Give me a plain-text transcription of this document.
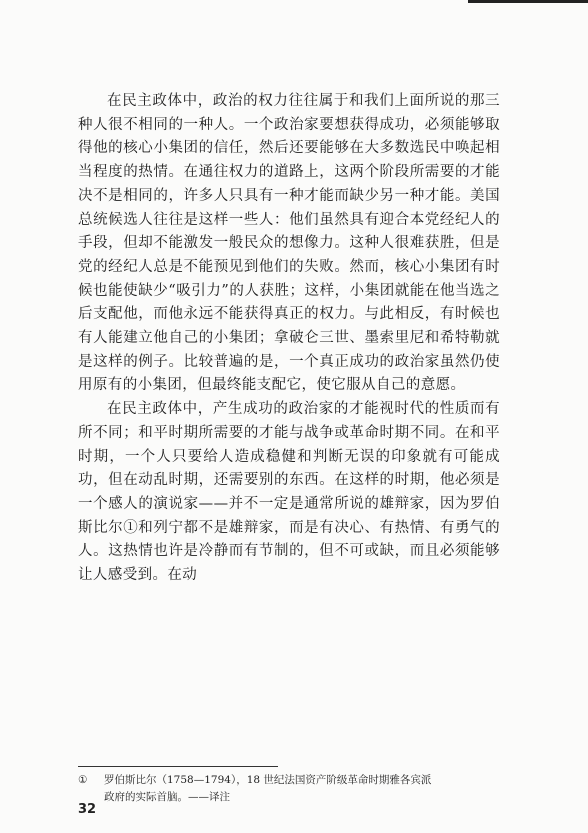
在民主政体中，政治的权力往往属于和我们上面所说的那三种人很不相同的一种人。一个政治家要想获得成功，必须能够取得他的核心小集团的信任，然后还要能够在大多数选民中唤起相当程度的热情。在通往权力的道路上，这两个阶段所需要的才能决不是相同的，许多人只具有一种才能而缺少另一种才能。美国总统候选人往往是这样一些人：他们虽然具有迎合本党经纪人的手段，但却不能激发一般民众的想像力。这种人很难获胜，但是党的经纪人总是不能预见到他们的失败。然而，核心小集团有时候也能使缺少“吸引力”的人获胜；这样，小集团就能在他当选之后支配他，而他永远不能获得真正的权力。与此相反，有时候也有人能建立他自己的小集团；拿破仑三世、墨索里尼和希特勒就是这样的例子。比较普遍的是，一个真正成功的政治家虽然仍使用原有的小集团，但最终能支配它，使它服从自己的意愿。

在民主政体中，产生成功的政治家的才能视时代的性质而有所不同；和平时期所需要的才能与战争或革命时期不同。在和平时期，一个人只要给人造成稳健和判断无误的印象就有可能成功，但在动乱时期，还需要别的东西。在这样的时期，他必须是一个感人的演说家——并不一定是通常所说的雄辩家，因为罗伯斯比尔①和列宁都不是雄辩家，而是有决心、有热情、有勇气的人。这热情也许是冷静而有节制的，但不可或缺，而且必须能够让人感受到。在动

① 罗伯斯比尔（1758—1794），18 世纪法国资产阶级革命时期雅各宾派
政府的实际首脑。——译注
32
